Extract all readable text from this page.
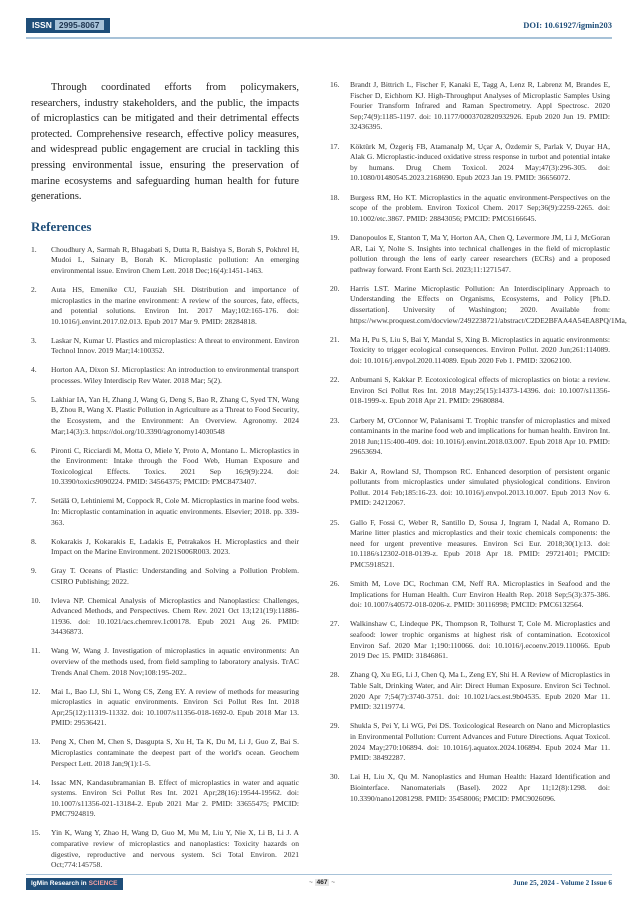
ISSN 2995-8067	DOI: 10.61927/igmin203

Through coordinated efforts from policymakers, researchers, industry stakeholders, and the public, the impacts of microplastics can be mitigated and their detrimental effects protected. Comprehensive research, effective policy measures, and widespread public engagement are crucial in tackling this pressing environmental issue, ensuring the preservation of marine ecosystems and safeguarding human health for future generations.

References
1.	Choudhury A, Sarmah R, Bhagabati S, Dutta R, Baishya S, Borah S, Pokhrel H, Mudoi L, Sainary B, Borah K. Microplastic pollution: An emerging environmental issue. Environ Chem Lett. 2018 Dec;16(4):1451-1463.
2.	Auta HS, Emenike CU, Fauziah SH. Distribution and importance of microplastics in the marine environment: A review of the sources, fate, effects, and potential solutions. Environ Int. 2017 May;102:165-176. doi: 10.1016/j.envint.2017.02.013. Epub 2017 Mar 9. PMID: 28284818.
3.	Laskar N, Kumar U. Plastics and microplastics: A threat to environment. Environ Technol Innov. 2019 Mar;14:100352.
4.	Horton AA, Dixon SJ. Microplastics: An introduction to environmental transport processes. Wiley Interdiscip Rev Water. 2018 Mar; 5(2).
5.	Lakhiar IA, Yan H, Zhang J, Wang G, Deng S, Bao R, Zhang C, Syed TN, Wang B, Zhou R, Wang X. Plastic Pollution in Agriculture as a Threat to Food Security, the Ecosystem, and the Environment: An Overview. Agronomy. 2024 Mar;14(3):3. https://doi.org/10.3390/agronomy14030548
6.	Pironti C, Ricciardi M, Motta O, Miele Y, Proto A, Montano L. Microplastics in the Environment: Intake through the Food Web, Human Exposure and Toxicological Effects. Toxics. 2021 Sep 16;9(9):224. doi: 10.3390/toxics9090224. PMID: 34564375; PMCID: PMC8473407.
7.	Setälä O, Lehtiniemi M, Coppock R, Cole M. Microplastics in marine food webs. In: Microplastic contamination in aquatic environments. Elsevier; 2018. pp. 339-363.
8.	Kokarakis J, Kokarakis E, Ladakis E, Petrakakos H. Microplastics and their Impact on the Marine Environment. 2021S006R003. 2023.
9.	Gray T. Oceans of Plastic: Understanding and Solving a Pollution Problem. CSIRO Publishing; 2022.
10.	Ivleva NP. Chemical Analysis of Microplastics and Nanoplastics: Challenges, Advanced Methods, and Perspectives. Chem Rev. 2021 Oct 13;121(19):11886-11936. doi: 10.1021/acs.chemrev.1c00178. Epub 2021 Aug 26. PMID: 34436873.
11.	Wang W, Wang J. Investigation of microplastics in aquatic environments: An overview of the methods used, from field sampling to laboratory analysis. TrAC Trends Anal Chem. 2018 Nov;108:195-202..
12.	Mai L, Bao LJ, Shi L, Wong CS, Zeng EY. A review of methods for measuring microplastics in aquatic environments. Environ Sci Pollut Res Int. 2018 Apr;25(12):11319-11332. doi: 10.1007/s11356-018-1692-0. Epub 2018 Mar 13. PMID: 29536421.
13.	Peng X, Chen M, Chen S, Dasgupta S, Xu H, Ta K, Du M, Li J, Guo Z, Bai S. Microplastics contaminate the deepest part of the world's ocean. Geochem Perspect Lett. 2018 Jan;9(1):1-5.
14.	Issac MN, Kandasubramanian B. Effect of microplastics in water and aquatic systems. Environ Sci Pollut Res Int. 2021 Apr;28(16):19544-19562. doi: 10.1007/s11356-021-13184-2. Epub 2021 Mar 2. PMID: 33655475; PMCID: PMC7924819.
15.	Yin K, Wang Y, Zhao H, Wang D, Guo M, Mu M, Liu Y, Nie X, Li B, Li J. A comparative review of microplastics and nanoplastics: Toxicity hazards on digestive, reproductive and nervous system. Sci Total Environ. 2021 Oct;774:145758.
16.	Brandt J, Bittrich L, Fischer F, Kanaki E, Tagg A, Lenz R, Labrenz M, Brandes E, Fischer D, Eichhorn KJ. High-Throughput Analyses of Microplastic Samples Using Fourier Transform Infrared and Raman Spectrometry. Appl Spectrosc. 2020 Sep;74(9):1185-1197. doi: 10.1177/0003702820932926. Epub 2020 Jun 19. PMID: 32436395.
17.	Köktürk M, Özgeriş FB, Atamanalp M, Uçar A, Özdemir S, Parlak V, Duyar HA, Alak G. Microplastic-induced oxidative stress response in turbot and potential intake by humans. Drug Chem Toxicol. 2024 May;47(3):296-305. doi: 10.1080/01480545.2023.2168690. Epub 2023 Jan 19. PMID: 36656072.
18.	Burgess RM, Ho KT. Microplastics in the aquatic environment-Perspectives on the scope of the problem. Environ Toxicol Chem. 2017 Sep;36(9):2259-2265. doi: 10.1002/etc.3867. PMID: 28843056; PMCID: PMC6166645.
19.	Danopoulos E, Stanton T, Ma Y, Horton AA, Chen Q, Levermore JM, Li J, McGoran AR, Lai Y, Nolte S. Insights into technical challenges in the field of microplastic pollution through the lens of early career researchers (ECRs) and a proposed pathway forward. Front Earth Sci. 2023;11:1271547.
20.	Harris LST. Marine Microplastic Pollution: An Interdisciplinary Approach to Understanding the Effects on Organisms, Ecosystems, and Policy [Ph.D. dissertation]. University of Washington; 2020. Available from: https://www.proquest.com/docview/2492238721/abstract/C2DE2BFAA4A54EA8PQ/1Ma,
21.	Ma H, Pu S, Liu S, Bai Y, Mandal S, Xing B. Microplastics in aquatic environments: Toxicity to trigger ecological consequences. Environ Pollut. 2020 Jun;261:114089. doi: 10.1016/j.envpol.2020.114089. Epub 2020 Feb 1. PMID: 32062100.
22.	Anbumani S, Kakkar P. Ecotoxicological effects of microplastics on biota: a review. Environ Sci Pollut Res Int. 2018 May;25(15):14373-14396. doi: 10.1007/s11356-018-1999-x. Epub 2018 Apr 21. PMID: 29680884.
23.	Carbery M, O'Connor W, Palanisami T. Trophic transfer of microplastics and mixed contaminants in the marine food web and implications for human health. Environ Int. 2018 Jun;115:400-409. doi: 10.1016/j.envint.2018.03.007. Epub 2018 Apr 10. PMID: 29653694.
24.	Bakir A, Rowland SJ, Thompson RC. Enhanced desorption of persistent organic pollutants from microplastics under simulated physiological conditions. Environ Pollut. 2014 Feb;185:16-23. doi: 10.1016/j.envpol.2013.10.007. Epub 2013 Nov 6. PMID: 24212067.
25.	Gallo F, Fossi C, Weber R, Santillo D, Sousa J, Ingram I, Nadal A, Romano D. Marine litter plastics and microplastics and their toxic chemicals components: the need for urgent preventive measures. Environ Sci Eur. 2018;30(1):13. doi: 10.1186/s12302-018-0139-z. Epub 2018 Apr 18. PMID: 29721401; PMCID: PMC5918521.
26.	Smith M, Love DC, Rochman CM, Neff RA. Microplastics in Seafood and the Implications for Human Health. Curr Environ Health Rep. 2018 Sep;5(3):375-386. doi: 10.1007/s40572-018-0206-z. PMID: 30116998; PMCID: PMC6132564.
27.	Walkinshaw C, Lindeque PK, Thompson R, Tolhurst T, Cole M. Microplastics and seafood: lower trophic organisms at highest risk of contamination. Ecotoxicol Environ Saf. 2020 Mar 1;190:110066. doi: 10.1016/j.ecoenv.2019.110066. Epub 2019 Dec 15. PMID: 31846861.
28.	Zhang Q, Xu EG, Li J, Chen Q, Ma L, Zeng EY, Shi H. A Review of Microplastics in Table Salt, Drinking Water, and Air: Direct Human Exposure. Environ Sci Technol. 2020 Apr 7;54(7):3740-3751. doi: 10.1021/acs.est.9b04535. Epub 2020 Mar 11. PMID: 32119774.
29.	Shukla S, Pei Y, Li WG, Pei DS. Toxicological Research on Nano and Microplastics in Environmental Pollution: Current Advances and Future Directions. Aquat Toxicol. 2024 May;270:106894. doi: 10.1016/j.aquatox.2024.106894. Epub 2024 Mar 11. PMID: 38492287.
30.	Lai H, Liu X, Qu M. Nanoplastics and Human Health: Hazard Identification and Biointerface. Nanomaterials (Basel). 2022 Apr 11;12(8):1298. doi: 10.3390/nano12081298. PMID: 35458006; PMCID: PMC9026096.
IgMin Research in SCIENCE	~ 467 ~	June 25, 2024 - Volume 2 Issue 6
